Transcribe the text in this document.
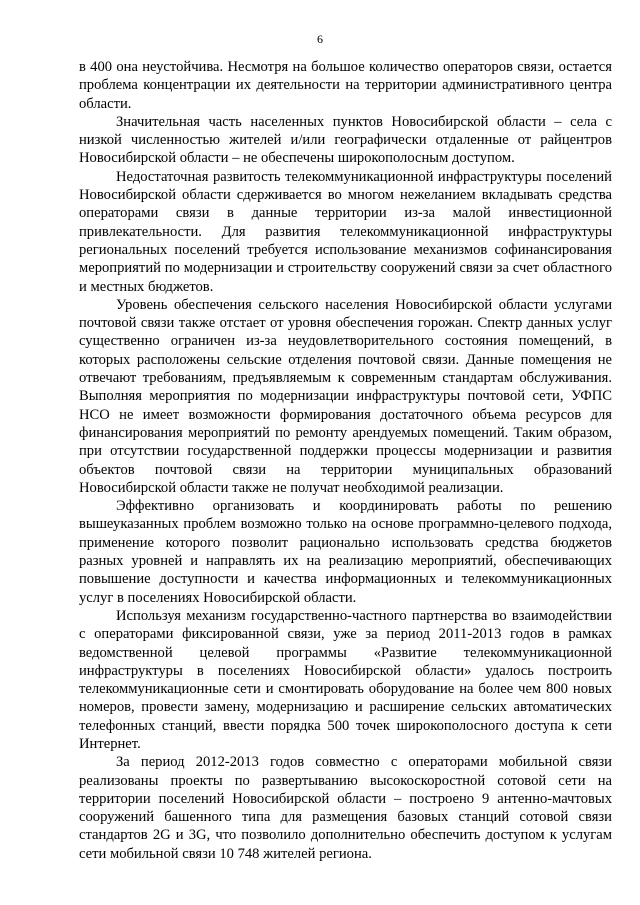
6

в 400 она неустойчива. Несмотря на большое количество операторов связи, остается проблема концентрации их деятельности на территории административного центра области.

Значительная часть населенных пунктов Новосибирской области – села с низкой численностью жителей и/или географически отдаленные от райцентров Новосибирской области – не обеспечены широкополосным доступом.

Недостаточная развитость телекоммуникационной инфраструктуры поселений Новосибирской области сдерживается во многом нежеланием вкладывать средства операторами связи в данные территории из-за малой инвестиционной привлекательности. Для развития телекоммуникационной инфраструктуры региональных поселений требуется использование механизмов софинансирования мероприятий по модернизации и строительству сооружений связи за счет областного и местных бюджетов.

Уровень обеспечения сельского населения Новосибирской области услугами почтовой связи также отстает от уровня обеспечения горожан. Спектр данных услуг существенно ограничен из-за неудовлетворительного состояния помещений, в которых расположены сельские отделения почтовой связи. Данные помещения не отвечают требованиям, предъявляемым к современным стандартам обслуживания. Выполняя мероприятия по модернизации инфраструктуры почтовой сети, УФПС НСО не имеет возможности формирования достаточного объема ресурсов для финансирования мероприятий по ремонту арендуемых помещений. Таким образом, при отсутствии государственной поддержки процессы модернизации и развития объектов почтовой связи на территории муниципальных образований Новосибирской области также не получат необходимой реализации.

Эффективно организовать и координировать работы по решению вышеуказанных проблем возможно только на основе программно-целевого подхода, применение которого позволит рационально использовать средства бюджетов разных уровней и направлять их на реализацию мероприятий, обеспечивающих повышение доступности и качества информационных и телекоммуникационных услуг в поселениях Новосибирской области.

Используя механизм государственно-частного партнерства во взаимодействии с операторами фиксированной связи, уже за период 2011-2013 годов в рамках ведомственной целевой программы «Развитие телекоммуникационной инфраструктуры в поселениях Новосибирской области» удалось построить телекоммуникационные сети и смонтировать оборудование на более чем 800 новых номеров, провести замену, модернизацию и расширение сельских автоматических телефонных станций, ввести порядка 500 точек широкополосного доступа к сети Интернет.

За период 2012-2013 годов совместно с операторами мобильной связи реализованы проекты по развертыванию высокоскоростной сотовой сети на территории поселений Новосибирской области – построено 9 антенно-мачтовых сооружений башенного типа для размещения базовых станций сотовой связи стандартов 2G и 3G, что позволило дополнительно обеспечить доступом к услугам сети мобильной связи 10 748 жителей региона.
